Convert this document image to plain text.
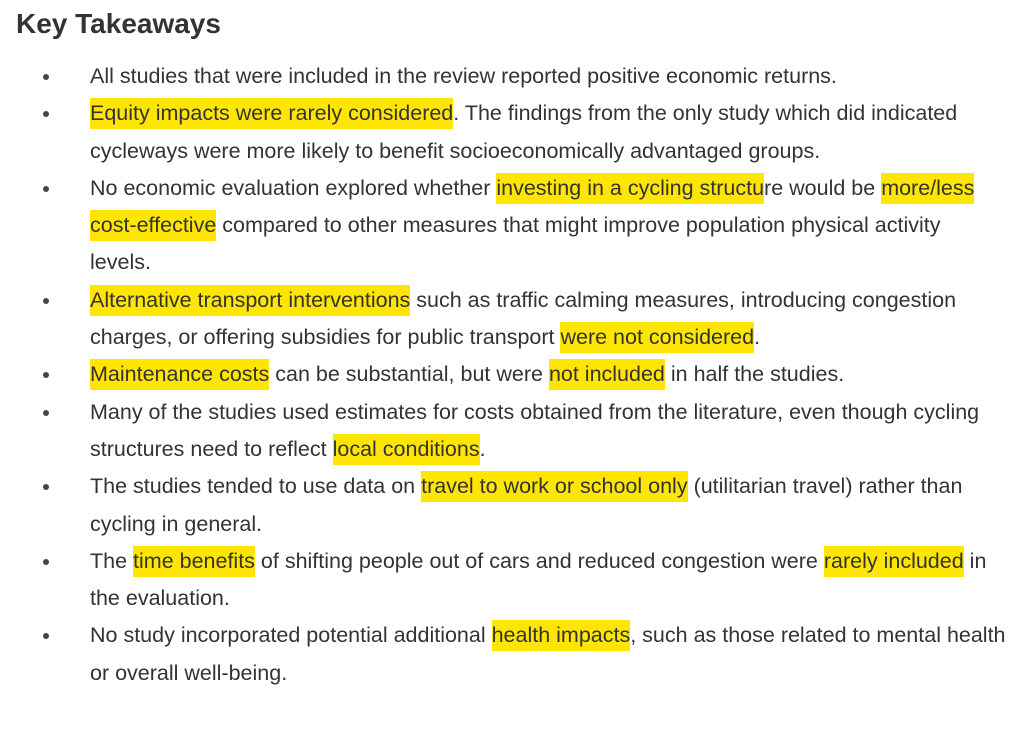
Key Takeaways
All studies that were included in the review reported positive economic returns.
Equity impacts were rarely considered. The findings from the only study which did indicated cycleways were more likely to benefit socioeconomically advantaged groups.
No economic evaluation explored whether investing in a cycling structure would be more/less cost-effective compared to other measures that might improve population physical activity levels.
Alternative transport interventions such as traffic calming measures, introducing congestion charges, or offering subsidies for public transport were not considered.
Maintenance costs can be substantial, but were not included in half the studies.
Many of the studies used estimates for costs obtained from the literature, even though cycling structures need to reflect local conditions.
The studies tended to use data on travel to work or school only (utilitarian travel) rather than cycling in general.
The time benefits of shifting people out of cars and reduced congestion were rarely included in the evaluation.
No study incorporated potential additional health impacts, such as those related to mental health or overall well-being.
